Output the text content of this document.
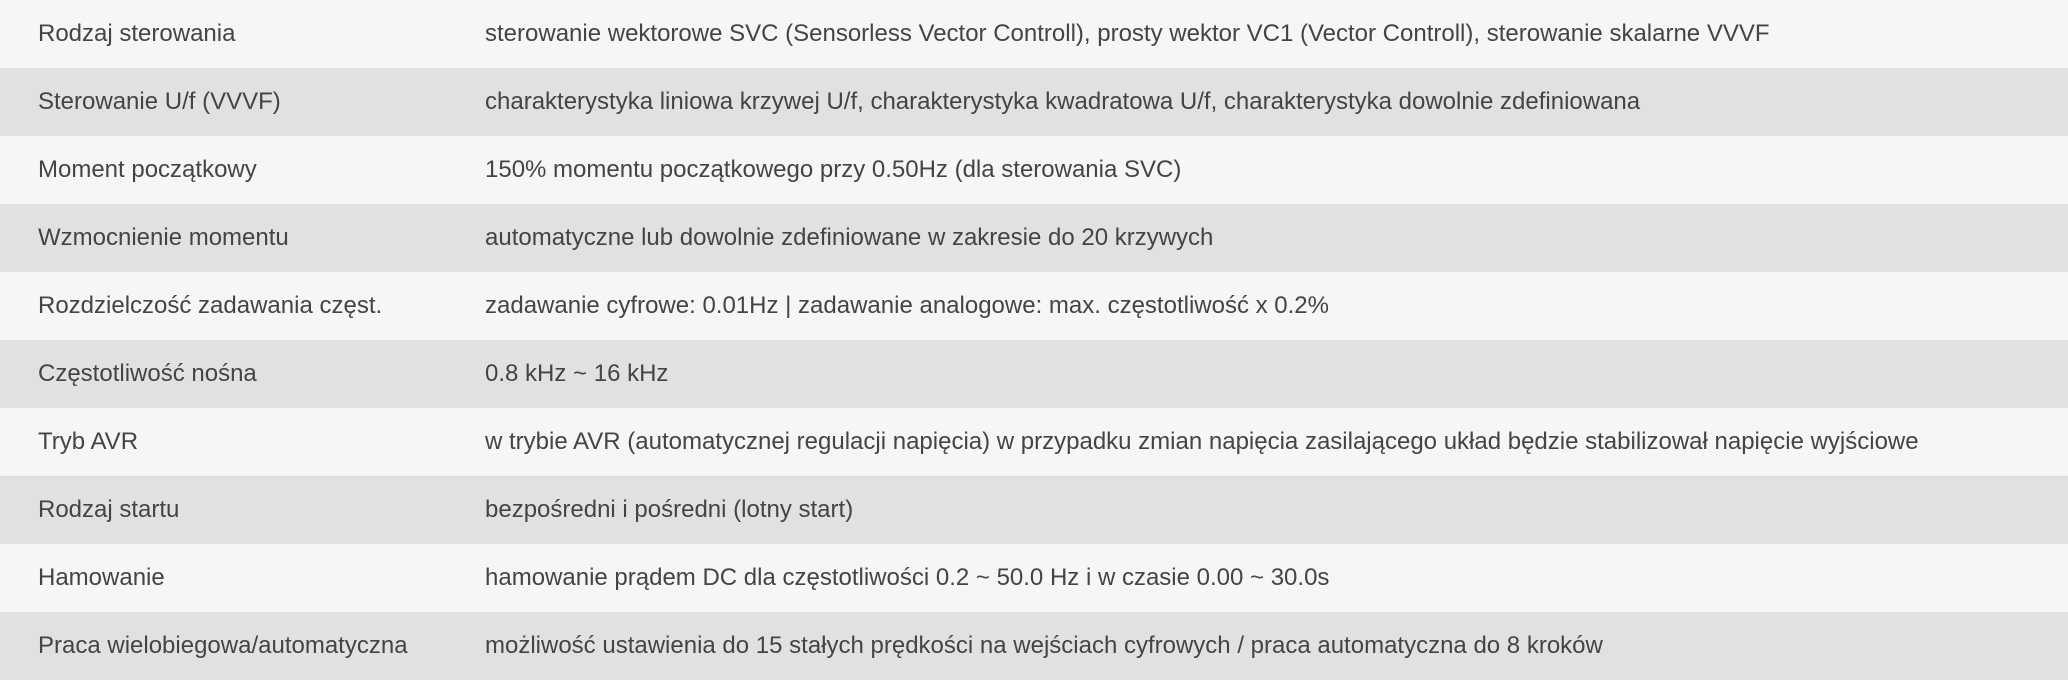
Rodzaj sterowania	sterowanie wektorowe SVC (Sensorless Vector Controll), prosty wektor VC1 (Vector Controll), sterowanie skalarne VVVF
Sterowanie U/f (VVVF)	charakterystyka liniowa krzywej U/f, charakterystyka kwadratowa U/f, charakterystyka dowolnie zdefiniowana
Moment początkowy	150% momentu początkowego przy 0.50Hz (dla sterowania SVC)
Wzmocnienie momentu	automatyczne lub dowolnie zdefiniowane w zakresie do 20 krzywych
Rozdzielczość zadawania częst.	zadawanie cyfrowe: 0.01Hz | zadawanie analogowe: max. częstotliwość x 0.2%
Częstotliwość nośna	0.8 kHz ~ 16 kHz
Tryb AVR	w trybie AVR (automatycznej regulacji napięcia) w przypadku zmian napięcia zasilającego układ będzie stabilizował napięcie wyjściowe
Rodzaj startu	bezpośredni i pośredni (lotny start)
Hamowanie	hamowanie prądem DC dla częstotliwości 0.2 ~ 50.0 Hz i w czasie 0.00 ~ 30.0s
Praca wielobiegowa/automatyczna	możliwość ustawienia do 15 stałych prędkości na wejściach cyfrowych / praca automatyczna do 8 kroków
